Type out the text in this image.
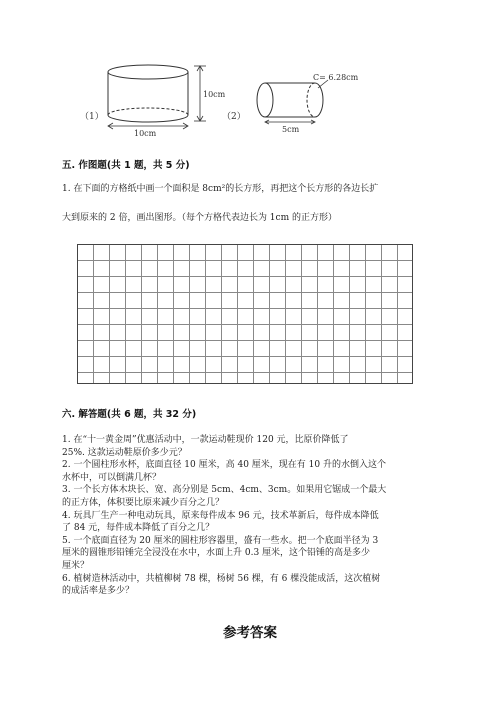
（1）
10cm
10cm
（2）
C= 6.28cm
5cm
五. 作图题(共 1 题，共 5 分)
1. 在下面的方格纸中画一个面积是 8cm²的长方形，再把这个长方形的各边长扩
大到原来的 2 倍，画出图形。（每个方格代表边长为 1cm 的正方形）
六. 解答题(共 6 题，共 32 分)
1. 在“十一黄金周”优惠活动中，一款运动鞋现价 120 元，比原价降低了
25%. 这款运动鞋原价多少元？
2. 一个圆柱形水杯，底面直径 10 厘米，高 40 厘米，现在有 10 升的水倒入这个
水杯中，可以倒满几杯？
3. 一个长方体木块长、宽、高分别是 5cm、4cm、3cm。如果用它锯成一个最大
的正方体，体积要比原来减少百分之几？
4. 玩具厂生产一种电动玩具，原来每件成本 96 元，技术革新后，每件成本降低
了 84 元，每件成本降低了百分之几？
5. 一个底面直径为 20 厘米的圆柱形容器里，盛有一些水。把一个底面半径为 3
厘米的圆锥形铅锤完全浸没在水中，水面上升 0.3 厘米，这个铅锤的高是多少
厘米？
6. 植树造林活动中，共植柳树 78 棵，杨树 56 棵，有 6 棵没能成活，这次植树
的成活率是多少？
参考答案
